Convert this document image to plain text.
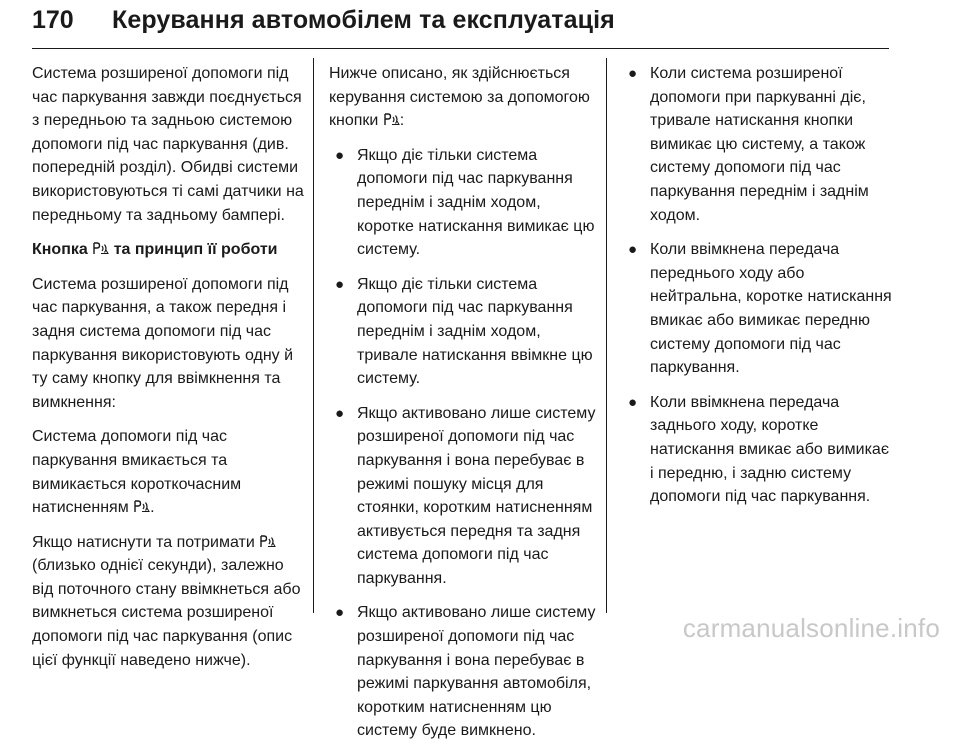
170 Керування автомобілем та експлуатація

Система розширеної допомоги під час паркування завжди поєднується з передньою та задньою системою допомоги під час паркування (див. попередній розділ). Обидві системи використовуються ті самі датчики на передньому та задньому бампері.

Кнопка та принцип її роботи

Система розширеної допомоги під час паркування, а також передня і задня система допомоги під час паркування використовують одну й ту саму кнопку для ввімкнення та вимкнення:

Система допомоги під час паркування вмикається та вимикається короткочасним натисненням .

Якщо натиснути та потримати  (близько однієї секунди), залежно від поточного стану ввімкнеться або вимкнеться система розширеної допомоги під час паркування (опис цієї функції наведено нижче).

Нижче описано, як здійснюється керування системою за допомогою кнопки :

● Якщо діє тільки система допомоги під час паркування переднім і заднім ходом, коротке натискання вимикає цю систему.
● Якщо діє тільки система допомоги під час паркування переднім і заднім ходом, тривале натискання ввімкне цю систему.
● Якщо активовано лише систему розширеної допомоги під час паркування і вона перебуває в режимі пошуку місця для стоянки, коротким натисненням активується передня та задня система допомоги під час паркування.
● Якщо активовано лише систему розширеної допомоги під час паркування і вона перебуває в режимі паркування автомобіля, коротким натисненням цю систему буде вимкнено.
● Коли система розширеної допомоги при паркуванні діє, тривале натискання кнопки вимикає цю систему, а також систему допомоги під час паркування переднім і заднім ходом.
● Коли ввімкнена передача переднього ходу або нейтральна, коротке натискання вмикає або вимикає передню систему допомоги під час паркування.
● Коли ввімкнена передача заднього ходу, коротке натискання вмикає або вимикає і передню, і задню систему допомоги під час паркування.
carmanualsonline.info
